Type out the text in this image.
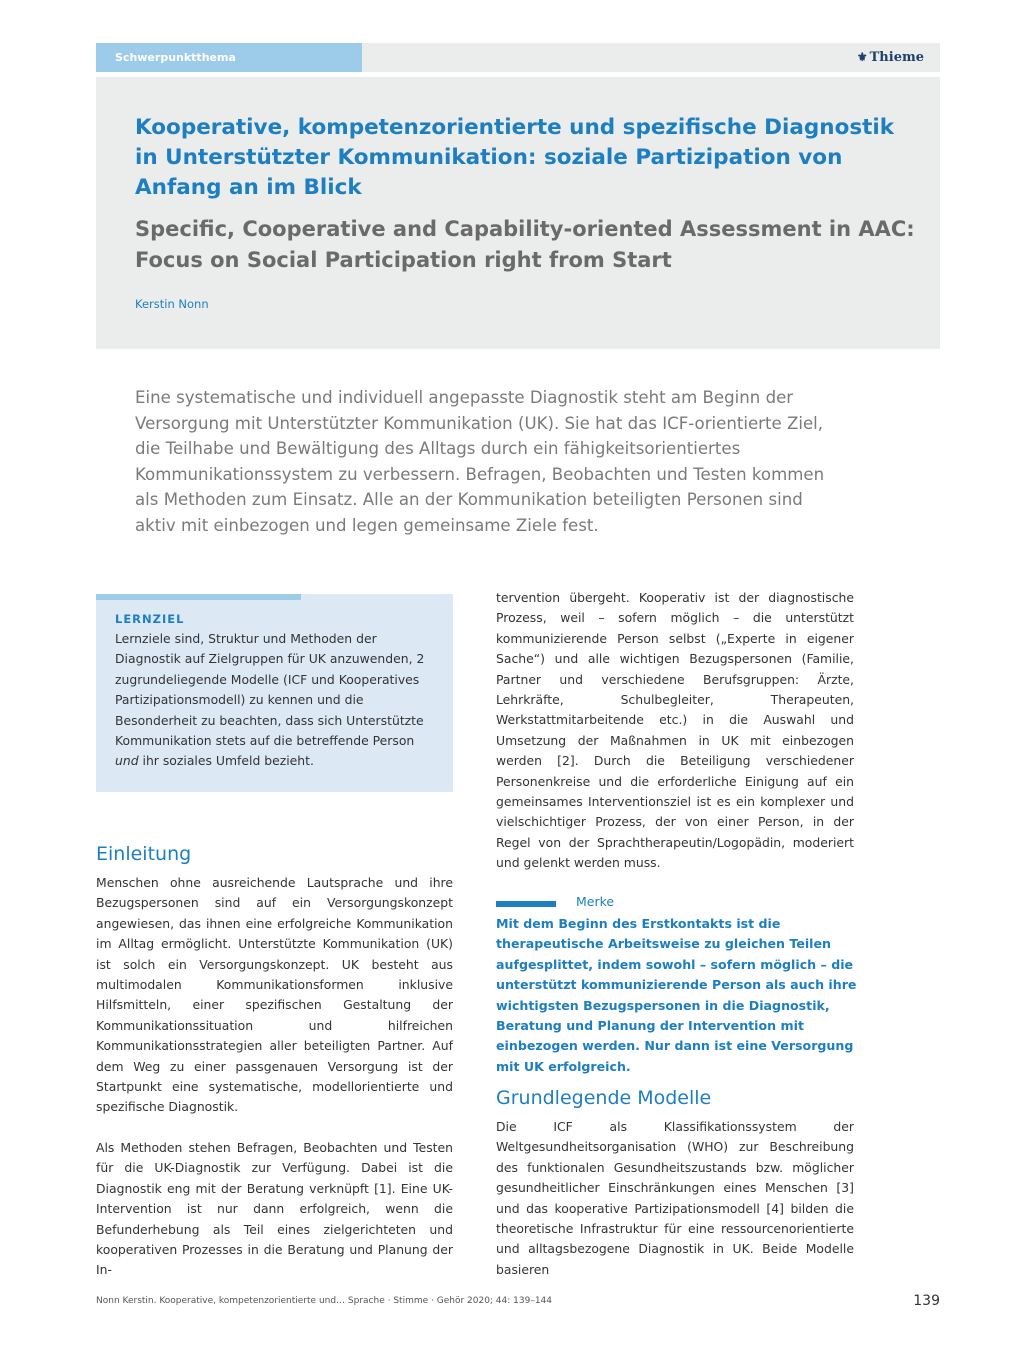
Schwerpunktthema	⚜ Thieme
Kooperative, kompetenzorientierte und spezifische Diagnostik in Unterstützter Kommunikation: soziale Partizipation von Anfang an im Blick
Specific, Cooperative and Capability-oriented Assessment in AAC: Focus on Social Participation right from Start
Kerstin Nonn

Eine systematische und individuell angepasste Diagnostik steht am Beginn der Versorgung mit Unterstützter Kommunikation (UK). Sie hat das ICF-orientierte Ziel, die Teilhabe und Bewältigung des Alltags durch ein fähigkeitsorientiertes Kommunikationssystem zu verbessern. Befragen, Beobachten und Testen kommen als Methoden zum Einsatz. Alle an der Kommunikation beteiligten Personen sind aktiv mit einbezogen und legen gemeinsame Ziele fest.

LERNZIEL
Lernziele sind, Struktur und Methoden der Diagnostik auf Zielgruppen für UK anzuwenden, 2 zugrundeliegende Modelle (ICF und Kooperatives Partizipationsmodell) zu kennen und die Besonderheit zu beachten, dass sich Unterstützte Kommunikation stets auf die betreffende Person und ihr soziales Umfeld bezieht.
Einleitung

Menschen ohne ausreichende Lautsprache und ihre Bezugspersonen sind auf ein Versorgungskonzept angewiesen, das ihnen eine erfolgreiche Kommunikation im Alltag ermöglicht. Unterstützte Kommunikation (UK) ist solch ein Versorgungskonzept. UK besteht aus multimodalen Kommunikationsformen inklusive Hilfsmitteln, einer spezifischen Gestaltung der Kommunikationssituation und hilfreichen Kommunikationsstrategien aller beteiligten Partner. Auf dem Weg zu einer passgenauen Versorgung ist der Startpunkt eine systematische, modellorientierte und spezifische Diagnostik.

Als Methoden stehen Befragen, Beobachten und Testen für die UK-Diagnostik zur Verfügung. Dabei ist die Diagnostik eng mit der Beratung verknüpft [1]. Eine UK-Intervention ist nur dann erfolgreich, wenn die Befunderhebung als Teil eines zielgerichteten und kooperativen Prozesses in die Beratung und Planung der In-

tervention übergeht. Kooperativ ist der diagnostische Prozess, weil – sofern möglich – die unterstützt kommunizierende Person selbst („Experte in eigener Sache“) und alle wichtigen Bezugspersonen (Familie, Partner und verschiedene Berufsgruppen: Ärzte, Lehrkräfte, Schulbegleiter, Therapeuten, Werkstattmitarbeitende etc.) in die Auswahl und Umsetzung der Maßnahmen in UK mit einbezogen werden [2]. Durch die Beteiligung verschiedener Personenkreise und die erforderliche Einigung auf ein gemeinsames Interventionsziel ist es ein komplexer und vielschichtiger Prozess, der von einer Person, in der Regel von der Sprachtherapeutin/Logopädin, moderiert und gelenkt werden muss.

Merke
Mit dem Beginn des Erstkontakts ist die therapeutische Arbeitsweise zu gleichen Teilen aufgesplittet, indem sowohl – sofern möglich – die unterstützt kommunizierende Person als auch ihre wichtigsten Bezugspersonen in die Diagnostik, Beratung und Planung der Intervention mit einbezogen werden. Nur dann ist eine Versorgung mit UK erfolgreich.
Grundlegende Modelle

Die ICF als Klassifikationssystem der Weltgesundheitsorganisation (WHO) zur Beschreibung des funktionalen Gesundheitszustands bzw. möglicher gesundheitlicher Einschränkungen eines Menschen [3] und das kooperative Partizipationsmodell [4] bilden die theoretische Infrastruktur für eine ressourcenorientierte und alltagsbezogene Diagnostik in UK. Beide Modelle basieren

Nonn Kerstin. Kooperative, kompetenzorientierte und… Sprache · Stimme · Gehör 2020; 44: 139–144	139
